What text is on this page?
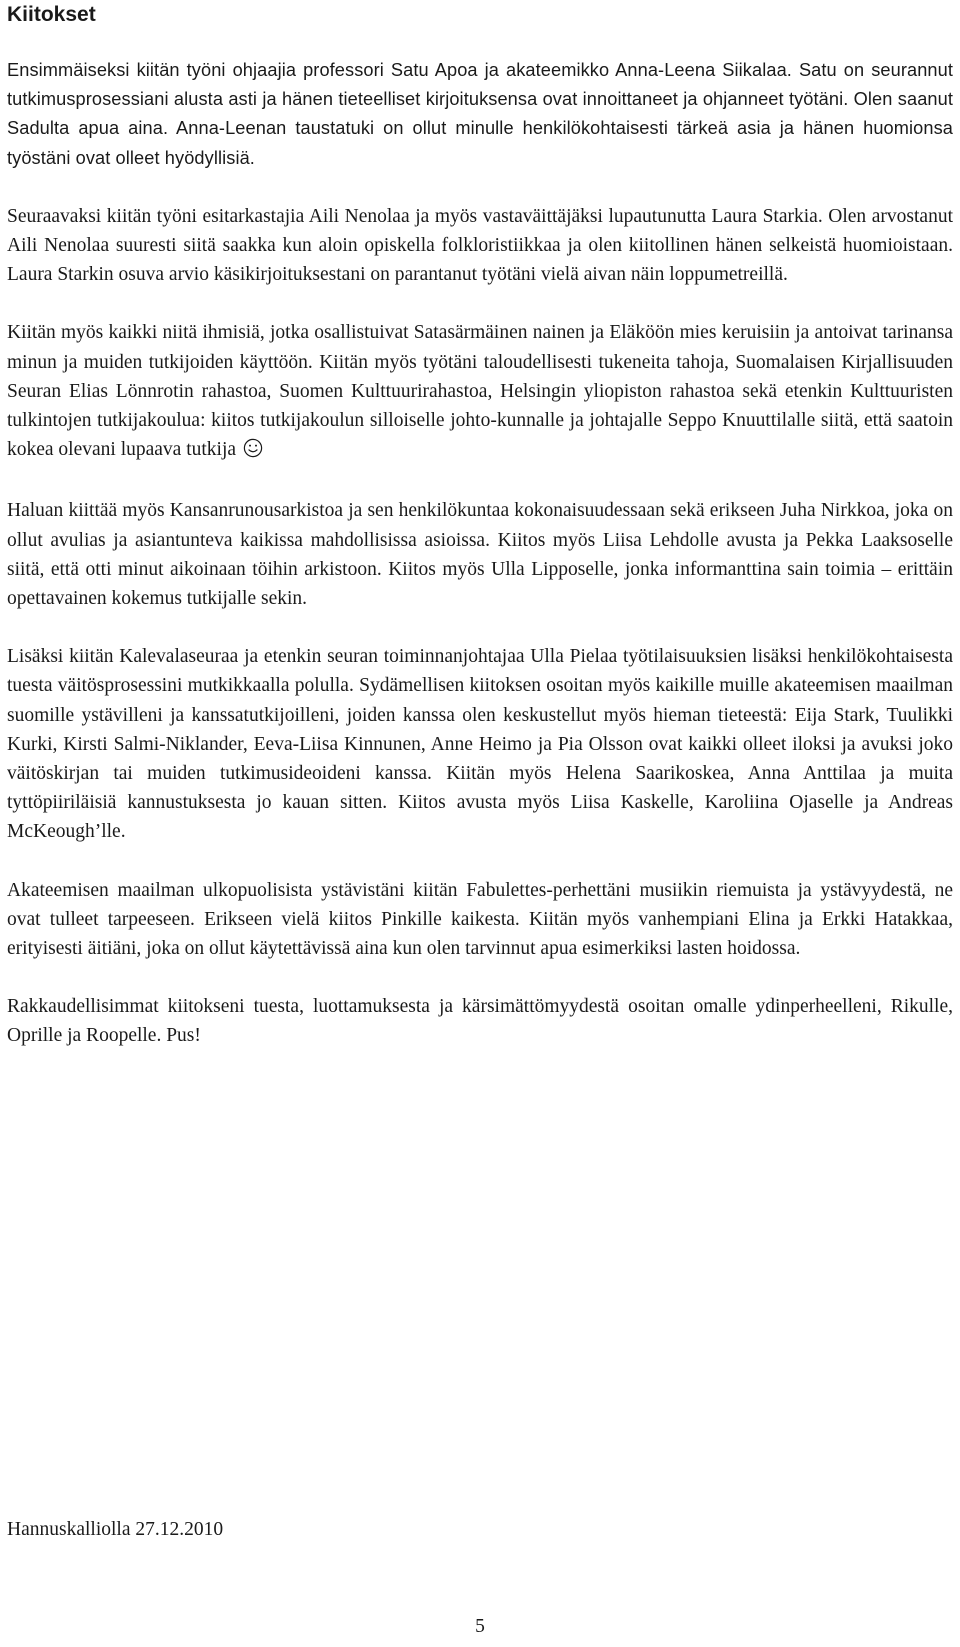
Kiitokset

Ensimmäiseksi kiitän työni ohjaajia professori Satu Apoa ja akateemikko Anna-Leena Siikalaa. Satu on seurannut tutkimusprosessiani alusta asti ja hänen tieteelliset kirjoituksensa ovat innoittaneet ja ohjanneet työtäni. Olen saanut Sadulta apua aina. Anna-Leenan taustatuki on ollut minulle henkilökohtaisesti tärkeä asia ja hänen huomionsa työstäni ovat olleet hyödyllisiä.

Seuraavaksi kiitän työni esitarkastajia Aili Nenolaa ja myös vastaväittäjäksi lupautunutta Laura Starkia. Olen arvostanut Aili Nenolaa suuresti siitä saakka kun aloin opiskella folkloristiikkaa ja olen kiitollinen hänen selkeistä huomioistaan. Laura Starkin osuva arvio käsikirjoituksestani on parantanut työtäni vielä aivan näin loppumetreillä.

Kiitän myös kaikki niitä ihmisiä, jotka osallistuivat Satasärmäinen nainen ja Eläköön mies keruisiin ja antoivat tarinansa minun ja muiden tutkijoiden käyttöön. Kiitän myös työtäni taloudellisesti tukeneita tahoja, Suomalaisen Kirjallisuuden Seuran Elias Lönnrotin rahastoa, Suomen Kulttuurirahastoa, Helsingin yliopiston rahastoa sekä etenkin Kulttuuristen tulkintojen tutkijakoulua: kiitos tutkijakoulun silloiselle johto-kunnalle ja johtajalle Seppo Knuuttilalle siitä, että saatoin kokea olevani lupaava tutkija

Haluan kiittää myös Kansanrunousarkistoa ja sen henkilökuntaa kokonaisuudessaan sekä erikseen Juha Nirkkoa, joka on ollut avulias ja asiantunteva kaikissa mahdollisissa asioissa. Kiitos myös Liisa Lehdolle avusta ja Pekka Laaksoselle siitä, että otti minut aikoinaan töihin arkistoon. Kiitos myös Ulla Lipposelle, jonka informanttina sain toimia – erittäin opettavainen kokemus tutkijalle sekin.

Lisäksi kiitän Kalevalaseuraa ja etenkin seuran toiminnanjohtajaa Ulla Pielaa työtilaisuuksien lisäksi henkilökohtaisesta tuesta väitösprosessini mutkikkaalla polulla. Sydämellisen kiitoksen osoitan myös kaikille muille akateemisen maailman suomille ystävilleni ja kanssatutkijoilleni, joiden kanssa olen keskustellut myös hieman tieteestä: Eija Stark, Tuulikki Kurki, Kirsti Salmi-Niklander, Eeva-Liisa Kinnunen, Anne Heimo ja Pia Olsson ovat kaikki olleet iloksi ja avuksi joko väitöskirjan tai muiden tutkimusideoideni kanssa. Kiitän myös Helena Saarikoskea, Anna Anttilaa ja muita tyttöpiiriläisiä kannustuksesta jo kauan sitten. Kiitos avusta myös Liisa Kaskelle, Karoliina Ojaselle ja Andreas McKeough’lle.

Akateemisen maailman ulkopuolisista ystävistäni kiitän Fabulettes-perhettäni musiikin riemuista ja ystävyydestä, ne ovat tulleet tarpeeseen. Erikseen vielä kiitos Pinkille kaikesta. Kiitän myös vanhempiani Elina ja Erkki Hatakkaa, erityisesti äitiäni, joka on ollut käytettävissä aina kun olen tarvinnut apua esimerkiksi lasten hoidossa.

Rakkaudellisimmat kiitokseni tuesta, luottamuksesta ja kärsimättömyydestä osoitan omalle ydinperheelleni, Rikulle, Oprille ja Roopelle. Pus!

Hannuskalliolla 27.12.2010
5
